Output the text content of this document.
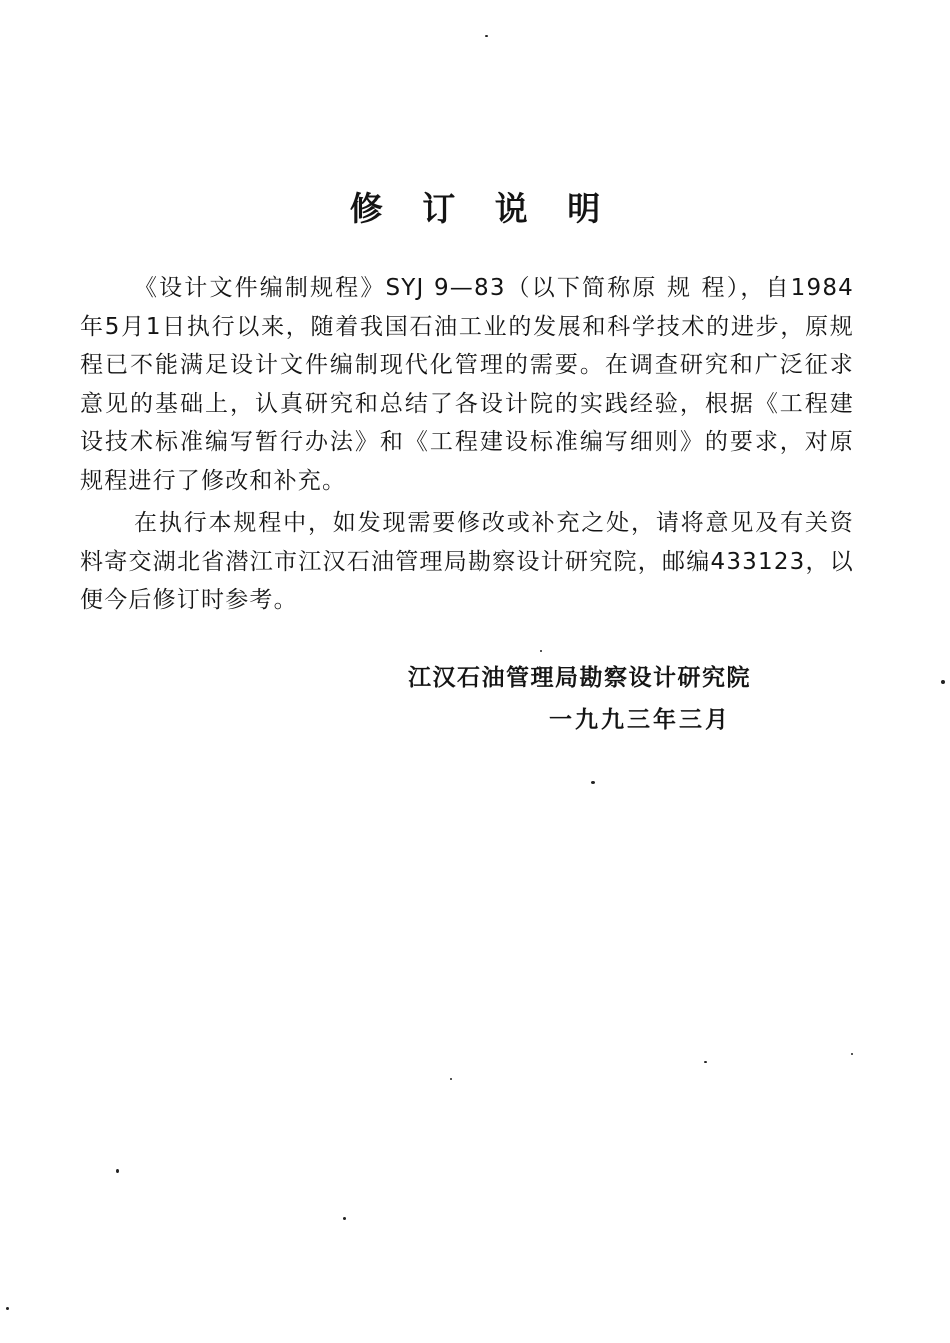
修 订 说 明

《设计文件编制规程》SYJ 9—83（以下简称原 规 程），自1984年5月1日执行以来，随着我国石油工业的发展和科学技术的进步，原规程已不能满足设计文件编制现代化管理的需要。在调查研究和广泛征求意见的基础上，认真研究和总结了各设计院的实践经验，根据《工程建设技术标准编写暂行办法》和《工程建设标准编写细则》的要求，对原规程进行了修改和补充。

在执行本规程中，如发现需要修改或补充之处，请将意见及有关资料寄交湖北省潜江市江汉石油管理局勘察设计研究院，邮编433123，以便今后修订时参考。

江汉石油管理局勘察设计研究院
一九九三年三月
